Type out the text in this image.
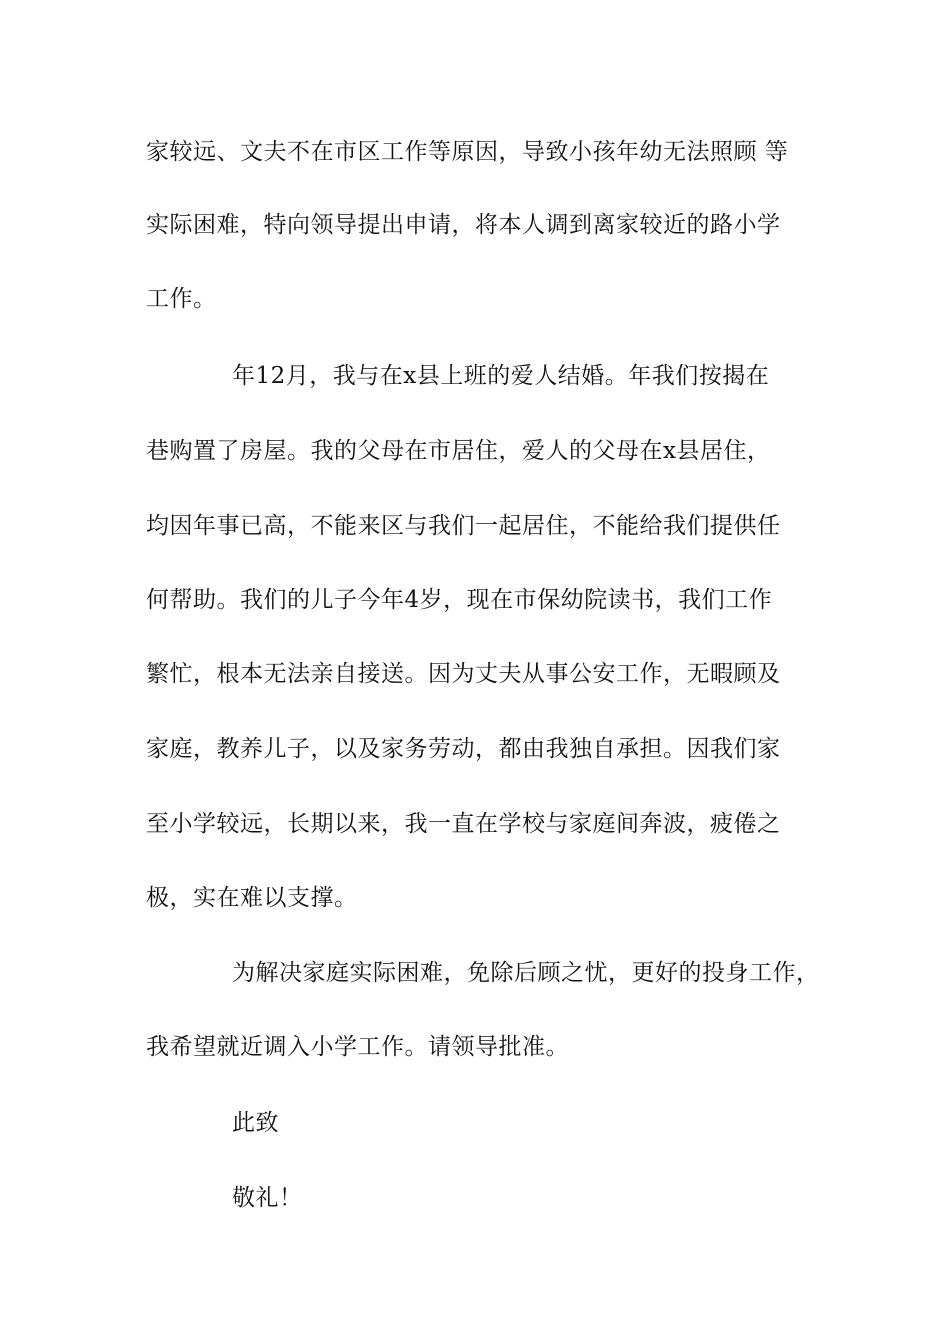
家较远、文夫不在市区工作等原因，导致小孩年幼无法照顾 等
实际困难，特向领导提出申请，将本人调到离家较近的路小学
工作。
年12月，我与在x县上班的爱人结婚。年我们按揭在
巷购置了房屋。我的父母在市居住，爱人的父母在x县居住，
均因年事已高，不能来区与我们一起居住，不能给我们提供任
何帮助。我们的儿子今年4岁，现在市保幼院读书，我们工作
繁忙，根本无法亲自接送。因为丈夫从事公安工作，无暇顾及
家庭，教养儿子，以及家务劳动，都由我独自承担。因我们家
至小学较远，长期以来，我一直在学校与家庭间奔波，疲倦之
极，实在难以支撑。
为解决家庭实际困难，免除后顾之忧，更好的投身工作，
我希望就近调入小学工作。请领导批准。
此致
敬礼！
